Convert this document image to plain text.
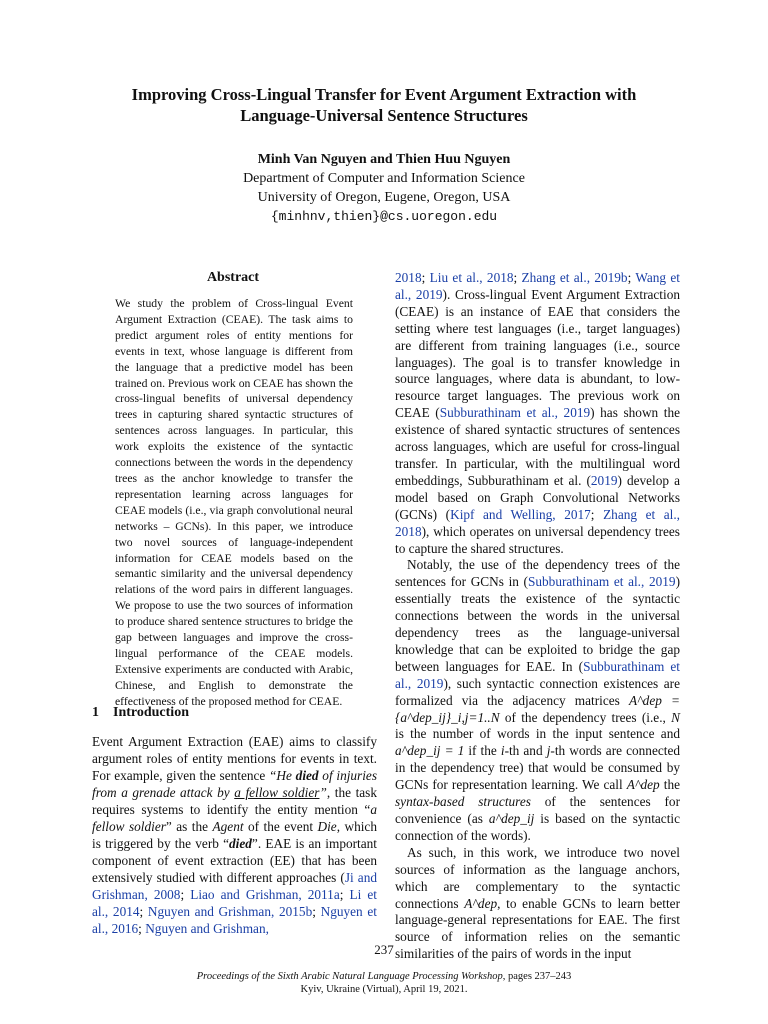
Improving Cross-Lingual Transfer for Event Argument Extraction with
Language-Universal Sentence Structures
Minh Van Nguyen and Thien Huu Nguyen
Department of Computer and Information Science
University of Oregon, Eugene, Oregon, USA
{minhnv,thien}@cs.uoregon.edu
Abstract
We study the problem of Cross-lingual Event Argument Extraction (CEAE). The task aims to predict argument roles of entity mentions for events in text, whose language is different from the language that a predictive model has been trained on. Previous work on CEAE has shown the cross-lingual benefits of universal dependency trees in capturing shared syntactic structures of sentences across languages. In particular, this work exploits the existence of the syntactic connections between the words in the dependency trees as the anchor knowledge to transfer the representation learning across languages for CEAE models (i.e., via graph convolutional neural networks – GCNs). In this paper, we introduce two novel sources of language-independent information for CEAE models based on the semantic similarity and the universal dependency relations of the word pairs in different languages. We propose to use the two sources of information to produce shared sentence structures to bridge the gap between languages and improve the cross-lingual performance of the CEAE models. Extensive experiments are conducted with Arabic, Chinese, and English to demonstrate the effectiveness of the proposed method for CEAE.
1 Introduction

Event Argument Extraction (EAE) aims to classify argument roles of entity mentions for events in text. For example, given the sentence “He died of injuries from a grenade attack by a fellow soldier”, the task requires systems to identify the entity mention “a fellow soldier” as the Agent of the event Die, which is triggered by the verb “died”. EAE is an important component of event extraction (EE) that has been extensively studied with different approaches (Ji and Grishman, 2008; Liao and Grishman, 2011a; Li et al., 2014; Nguyen and Grishman, 2015b; Nguyen et al., 2016; Nguyen and Grishman,

2018; Liu et al., 2018; Zhang et al., 2019b; Wang et al., 2019). Cross-lingual Event Argument Extraction (CEAE) is an instance of EAE that considers the setting where test languages (i.e., target languages) are different from training languages (i.e., source languages). The goal is to transfer knowledge in source languages, where data is abundant, to low-resource target languages. The previous work on CEAE (Subburathinam et al., 2019) has shown the existence of shared syntactic structures of sentences across languages, which are useful for cross-lingual transfer. In particular, with the multilingual word embeddings, Subburathinam et al. (2019) develop a model based on Graph Convolutional Networks (GCNs) (Kipf and Welling, 2017; Zhang et al., 2018), which operates on universal dependency trees to capture the shared structures.

Notably, the use of the dependency trees of the sentences for GCNs in (Subburathinam et al., 2019) essentially treats the existence of the syntactic connections between the words in the universal dependency trees as the language-universal knowledge that can be exploited to bridge the gap between languages for EAE. In (Subburathinam et al., 2019), such syntactic connection existences are formalized via the adjacency matrices A^dep = {a^dep_ij}_i,j=1..N of the dependency trees (i.e., N is the number of words in the input sentence and a^dep_ij = 1 if the i-th and j-th words are connected in the dependency tree) that would be consumed by GCNs for representation learning. We call A^dep the syntax-based structures of the sentences for convenience (as a^dep_ij is based on the syntactic connection of the words).

As such, in this work, we introduce two novel sources of information as the language anchors, which are complementary to the syntactic connections A^dep, to enable GCNs to learn better language-general representations for EAE. The first source of information relies on the semantic similarities of the pairs of words in the input

237
Proceedings of the Sixth Arabic Natural Language Processing Workshop, pages 237–243
Kyiv, Ukraine (Virtual), April 19, 2021.
